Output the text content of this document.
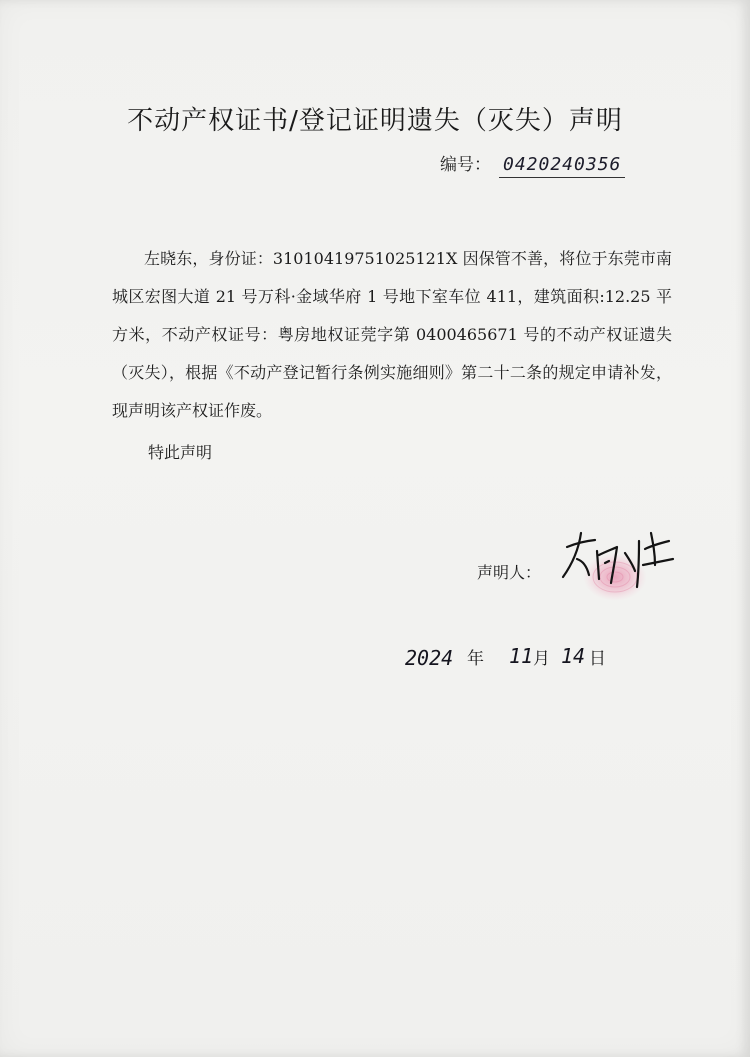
不动产权证书/登记证明遗失（灭失）声明
编号： 0420240356

左晓东，身份证：31010419751025121X 因保管不善，将位于东莞市南城区宏图大道 21 号万科·金域华府 1 号地下室车位 411，建筑面积:12.25 平方米，不动产权证号：粤房地权证莞字第 0400465671 号的不动产权证遗失（灭失），根据《不动产登记暂行条例实施细则》第二十二条的规定申请补发，现声明该产权证作废。

特此声明
声明人：
2024 年 11 月 14 日
